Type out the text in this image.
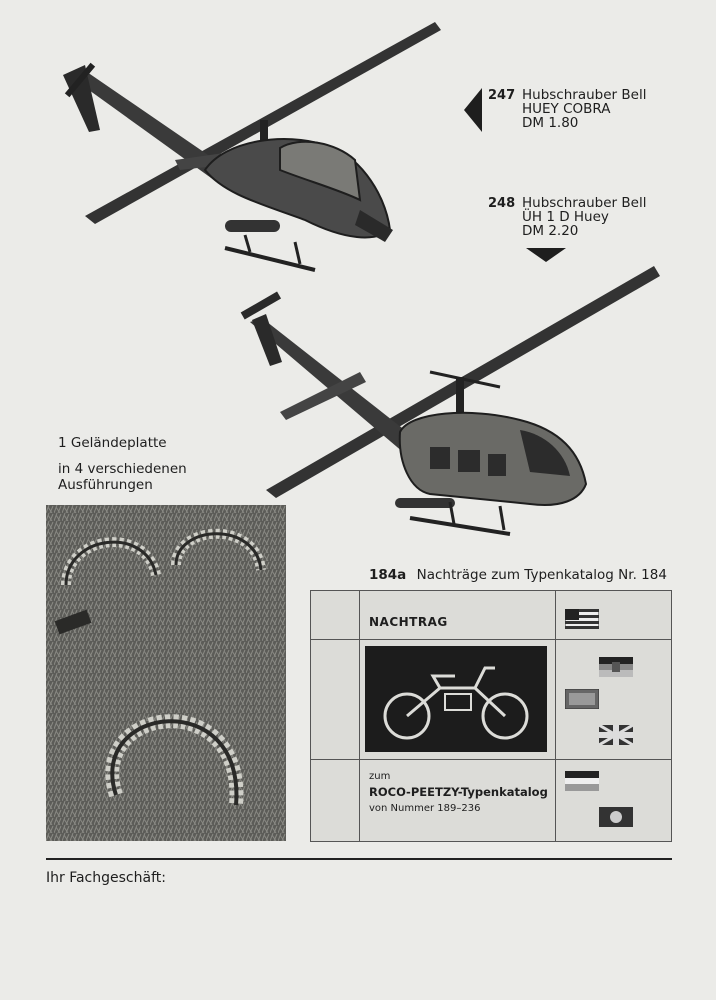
247 Hubschrauber Bell
HUEY COBRA
DM 1.80
248 Hubschrauber Bell
ÜH 1 D Huey
DM 2.20
1 Geländeplatte
in 4 verschiedenen
Ausführungen
184a Nachträge zum Typenkatalog Nr. 184
NACHTRAG
zum
ROCO-PEETZY-Typenkatalog
von Nummer 189–236
Ihr Fachgeschäft:
